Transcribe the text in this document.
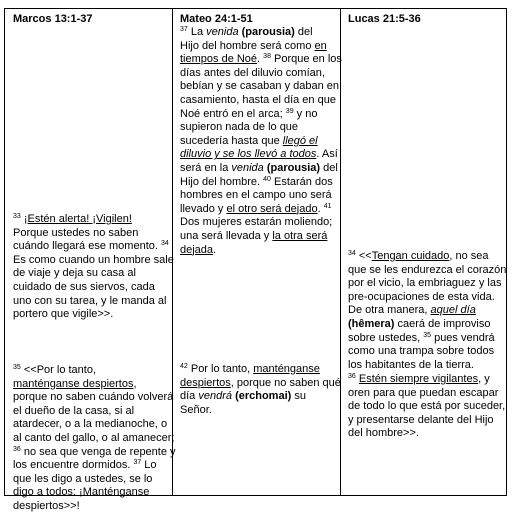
Marcos 13:1-37
$^{33}$ ¡Estén alerta! ¡Vigilen!
Porque ustedes no saben
cuándo llegará ese momento. $^{34}$
Es como cuando un hombre sale
de viaje y deja su casa al
cuidado de sus siervos, cada
uno con su tarea, y le manda al
portero que vigile>>.
$^{35}$ <<Por lo tanto,
manténganse despiertos,
porque no saben cuándo volverá
el dueño de la casa, si al
atardecer, o a la medianoche, o
al canto del gallo, o al amanecer;
$^{36}$ no sea que venga de repente y
los encuentre dormidos. $^{37}$ Lo
que les digo a ustedes, se lo
digo a todos: ¡Manténganse
despiertos>>!
Mateo 24:1-51
$^{37}$ La venida (parousia) del
Hijo del hombre será como en
tiempos de Noé. $^{38}$ Porque en los
días antes del diluvio comían,
bebían y se casaban y daban en
casamiento, hasta el día en que
Noé entró en el arca; $^{39}$ y no
supieron nada de lo que
sucedería hasta que llegó el
diluvio y se los llevó a todos. Así
será en la venida (parousia) del
Hijo del hombre. $^{40}$ Estarán dos
hombres en el campo uno será
llevado y el otro será dejado. $^{41}$
Dos mujeres estarán moliendo;
una será llevada y la otra será
dejada.
$^{42}$ Por lo tanto, manténganse
despiertos, porque no saben qué
día vendrá (erchomai) su
Señor.
Lucas 21:5-36
$^{34}$ <<Tengan cuidado, no sea
que se les endurezca el corazón
por el vicio, la embriaguez y las
pre-ocupaciones de esta vida.
De otra manera, aquel día
(hêmera) caerá de improviso
sobre ustedes, $^{35}$ pues vendrá
como una trampa sobre todos
los habitantes de la tierra.
$^{36}$ Estén siempre vigilantes, y
oren para que puedan escapar
de todo lo que está por suceder,
y presentarse delante del Hijo
del hombre>>.
